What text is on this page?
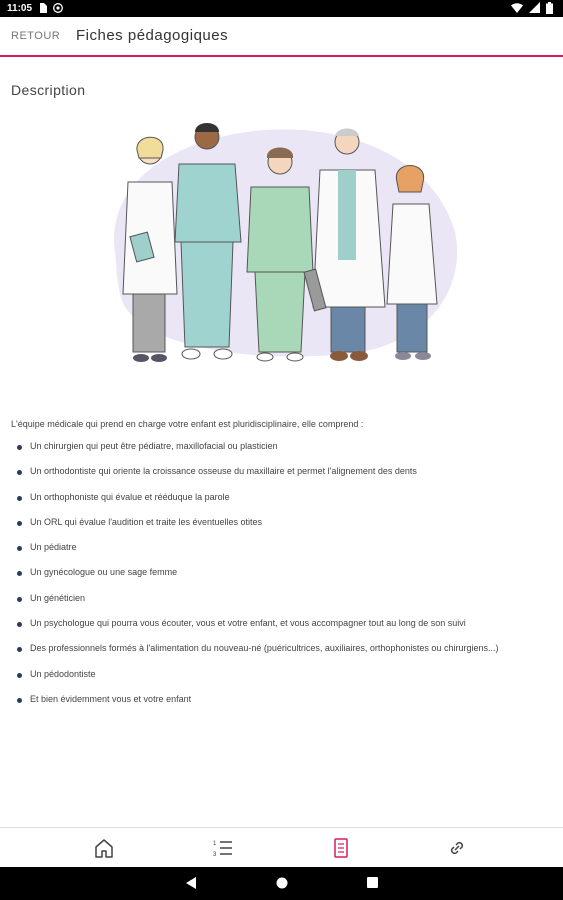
11:05

RETOUR Fiches pédagogiques
Description
L'équipe médicale qui prend en charge votre enfant est pluridisciplinaire, elle comprend :
Un chirurgien qui peut être pédiatre, maxillofacial ou plasticien
Un orthodontiste qui oriente la croissance osseuse du maxillaire et permet l'alignement des dents
Un orthophoniste qui évalue et rééduque la parole
Un ORL qui évalue l'audition et traite les éventuelles otites
Un pédiatre
Un gynécologue ou une sage femme
Un généticien
Un psychologue qui pourra vous écouter, vous et votre enfant, et vous accompagner tout au long de son suivi
Des professionnels formés à l'alimentation du nouveau-né (puéricultrices, auxiliaires, orthophonistes ou chirurgiens...)
Un pédodontiste
Et bien évidemment vous et votre enfant
1
3
